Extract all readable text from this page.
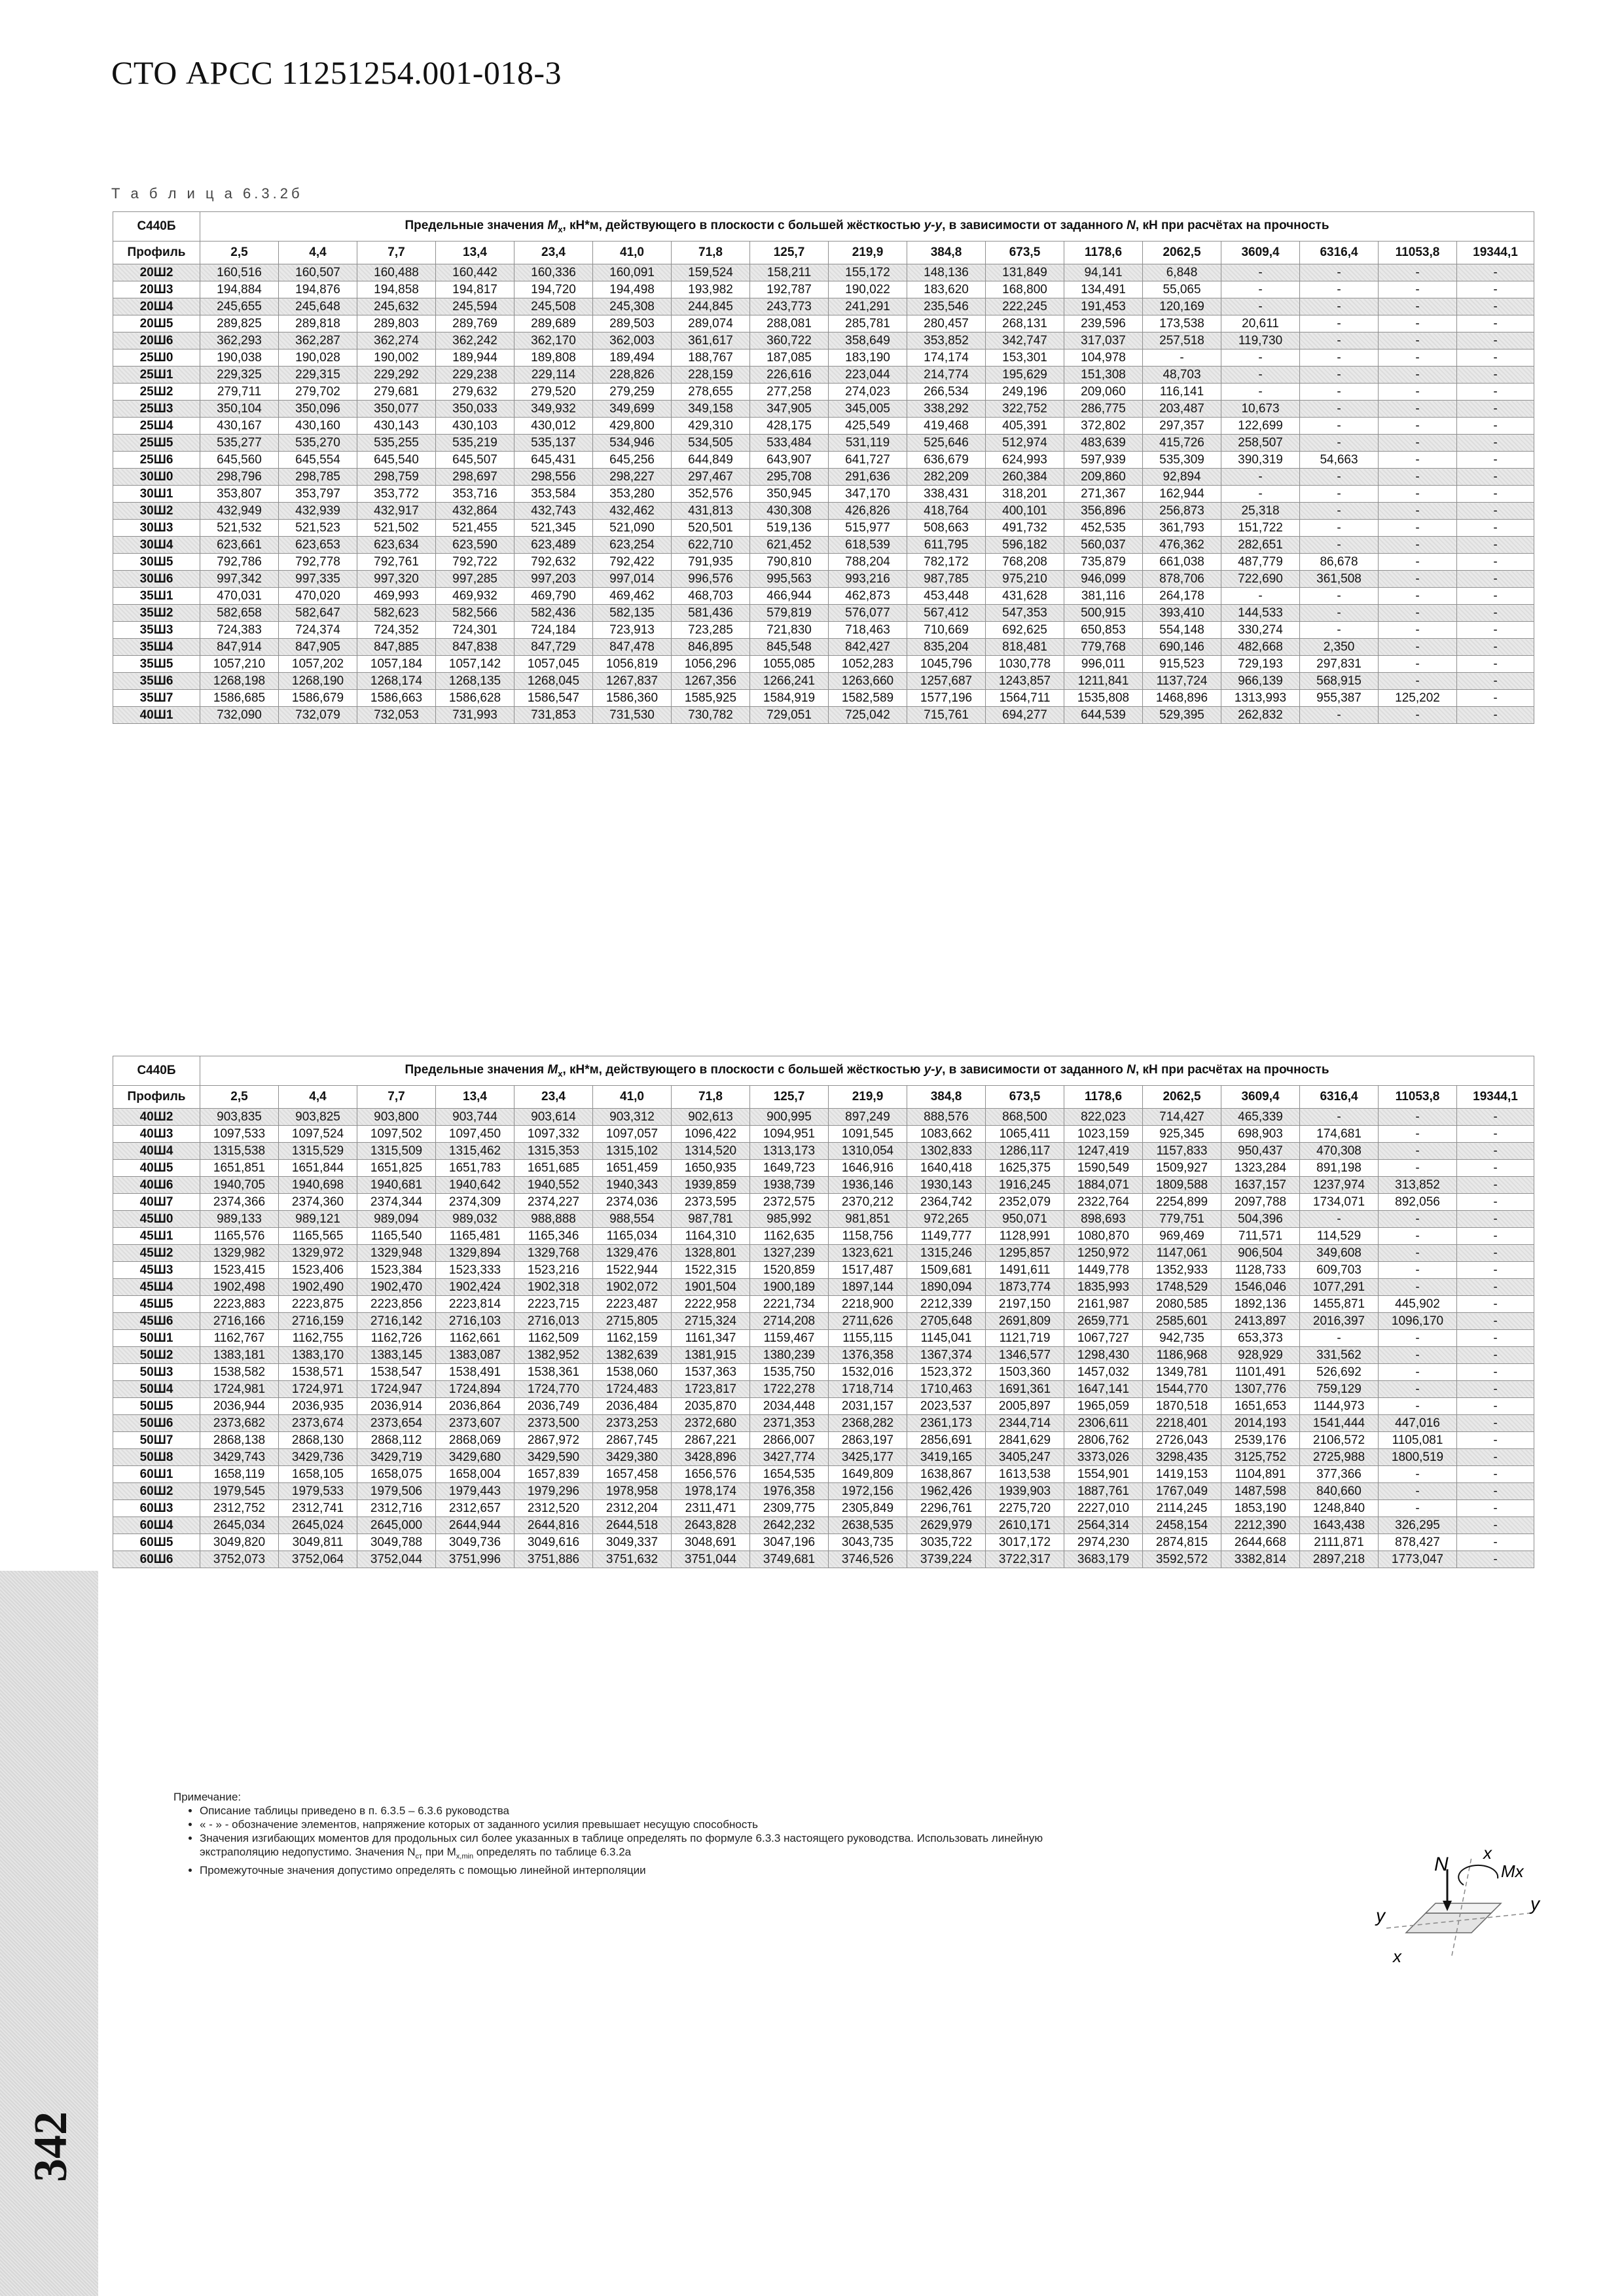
СТО АРСС 11251254.001-018-3
Т а б л и ц а 6.3.2б
С440Б	Предельные значения $M_x$, кН*м, действующего в плоскости с большей жёсткостью y-y, в зависимости от заданного N, кН при расчётах на прочность																
Профиль	2,5	4,4	7,7	13,4	23,4	41,0	71,8	125,7	219,9	384,8	673,5	1178,6	2062,5	3609,4	6316,4	11053,8	19344,1
20Ш2	160,516	160,507	160,488	160,442	160,336	160,091	159,524	158,211	155,172	148,136	131,849	94,141	6,848	-	-	-	-
20Ш3	194,884	194,876	194,858	194,817	194,720	194,498	193,982	192,787	190,022	183,620	168,800	134,491	55,065	-	-	-	-
20Ш4	245,655	245,648	245,632	245,594	245,508	245,308	244,845	243,773	241,291	235,546	222,245	191,453	120,169	-	-	-	-
20Ш5	289,825	289,818	289,803	289,769	289,689	289,503	289,074	288,081	285,781	280,457	268,131	239,596	173,538	20,611	-	-	-
20Ш6	362,293	362,287	362,274	362,242	362,170	362,003	361,617	360,722	358,649	353,852	342,747	317,037	257,518	119,730	-	-	-
25Ш0	190,038	190,028	190,002	189,944	189,808	189,494	188,767	187,085	183,190	174,174	153,301	104,978	-	-	-	-	-
25Ш1	229,325	229,315	229,292	229,238	229,114	228,826	228,159	226,616	223,044	214,774	195,629	151,308	48,703	-	-	-	-
25Ш2	279,711	279,702	279,681	279,632	279,520	279,259	278,655	277,258	274,023	266,534	249,196	209,060	116,141	-	-	-	-
25Ш3	350,104	350,096	350,077	350,033	349,932	349,699	349,158	347,905	345,005	338,292	322,752	286,775	203,487	10,673	-	-	-
25Ш4	430,167	430,160	430,143	430,103	430,012	429,800	429,310	428,175	425,549	419,468	405,391	372,802	297,357	122,699	-	-	-
25Ш5	535,277	535,270	535,255	535,219	535,137	534,946	534,505	533,484	531,119	525,646	512,974	483,639	415,726	258,507	-	-	-
25Ш6	645,560	645,554	645,540	645,507	645,431	645,256	644,849	643,907	641,727	636,679	624,993	597,939	535,309	390,319	54,663	-	-
30Ш0	298,796	298,785	298,759	298,697	298,556	298,227	297,467	295,708	291,636	282,209	260,384	209,860	92,894	-	-	-	-
30Ш1	353,807	353,797	353,772	353,716	353,584	353,280	352,576	350,945	347,170	338,431	318,201	271,367	162,944	-	-	-	-
30Ш2	432,949	432,939	432,917	432,864	432,743	432,462	431,813	430,308	426,826	418,764	400,101	356,896	256,873	25,318	-	-	-
30Ш3	521,532	521,523	521,502	521,455	521,345	521,090	520,501	519,136	515,977	508,663	491,732	452,535	361,793	151,722	-	-	-
30Ш4	623,661	623,653	623,634	623,590	623,489	623,254	622,710	621,452	618,539	611,795	596,182	560,037	476,362	282,651	-	-	-
30Ш5	792,786	792,778	792,761	792,722	792,632	792,422	791,935	790,810	788,204	782,172	768,208	735,879	661,038	487,779	86,678	-	-
30Ш6	997,342	997,335	997,320	997,285	997,203	997,014	996,576	995,563	993,216	987,785	975,210	946,099	878,706	722,690	361,508	-	-
35Ш1	470,031	470,020	469,993	469,932	469,790	469,462	468,703	466,944	462,873	453,448	431,628	381,116	264,178	-	-	-	-
35Ш2	582,658	582,647	582,623	582,566	582,436	582,135	581,436	579,819	576,077	567,412	547,353	500,915	393,410	144,533	-	-	-
35Ш3	724,383	724,374	724,352	724,301	724,184	723,913	723,285	721,830	718,463	710,669	692,625	650,853	554,148	330,274	-	-	-
35Ш4	847,914	847,905	847,885	847,838	847,729	847,478	846,895	845,548	842,427	835,204	818,481	779,768	690,146	482,668	2,350	-	-
35Ш5	1057,210	1057,202	1057,184	1057,142	1057,045	1056,819	1056,296	1055,085	1052,283	1045,796	1030,778	996,011	915,523	729,193	297,831	-	-
35Ш6	1268,198	1268,190	1268,174	1268,135	1268,045	1267,837	1267,356	1266,241	1263,660	1257,687	1243,857	1211,841	1137,724	966,139	568,915	-	-
35Ш7	1586,685	1586,679	1586,663	1586,628	1586,547	1586,360	1585,925	1584,919	1582,589	1577,196	1564,711	1535,808	1468,896	1313,993	955,387	125,202	-
40Ш1	732,090	732,079	732,053	731,993	731,853	731,530	730,782	729,051	725,042	715,761	694,277	644,539	529,395	262,832	-	-	-
С440Б	Предельные значения $M_x$, кН*м, действующего в плоскости с большей жёсткостью y-y, в зависимости от заданного N, кН при расчётах на прочность																
Профиль	2,5	4,4	7,7	13,4	23,4	41,0	71,8	125,7	219,9	384,8	673,5	1178,6	2062,5	3609,4	6316,4	11053,8	19344,1
40Ш2	903,835	903,825	903,800	903,744	903,614	903,312	902,613	900,995	897,249	888,576	868,500	822,023	714,427	465,339	-	-	-
40Ш3	1097,533	1097,524	1097,502	1097,450	1097,332	1097,057	1096,422	1094,951	1091,545	1083,662	1065,411	1023,159	925,345	698,903	174,681	-	-
40Ш4	1315,538	1315,529	1315,509	1315,462	1315,353	1315,102	1314,520	1313,173	1310,054	1302,833	1286,117	1247,419	1157,833	950,437	470,308	-	-
40Ш5	1651,851	1651,844	1651,825	1651,783	1651,685	1651,459	1650,935	1649,723	1646,916	1640,418	1625,375	1590,549	1509,927	1323,284	891,198	-	-
40Ш6	1940,705	1940,698	1940,681	1940,642	1940,552	1940,343	1939,859	1938,739	1936,146	1930,143	1916,245	1884,071	1809,588	1637,157	1237,974	313,852	-
40Ш7	2374,366	2374,360	2374,344	2374,309	2374,227	2374,036	2373,595	2372,575	2370,212	2364,742	2352,079	2322,764	2254,899	2097,788	1734,071	892,056	-
45Ш0	989,133	989,121	989,094	989,032	988,888	988,554	987,781	985,992	981,851	972,265	950,071	898,693	779,751	504,396	-	-	-
45Ш1	1165,576	1165,565	1165,540	1165,481	1165,346	1165,034	1164,310	1162,635	1158,756	1149,777	1128,991	1080,870	969,469	711,571	114,529	-	-
45Ш2	1329,982	1329,972	1329,948	1329,894	1329,768	1329,476	1328,801	1327,239	1323,621	1315,246	1295,857	1250,972	1147,061	906,504	349,608	-	-
45Ш3	1523,415	1523,406	1523,384	1523,333	1523,216	1522,944	1522,315	1520,859	1517,487	1509,681	1491,611	1449,778	1352,933	1128,733	609,703	-	-
45Ш4	1902,498	1902,490	1902,470	1902,424	1902,318	1902,072	1901,504	1900,189	1897,144	1890,094	1873,774	1835,993	1748,529	1546,046	1077,291	-	-
45Ш5	2223,883	2223,875	2223,856	2223,814	2223,715	2223,487	2222,958	2221,734	2218,900	2212,339	2197,150	2161,987	2080,585	1892,136	1455,871	445,902	-
45Ш6	2716,166	2716,159	2716,142	2716,103	2716,013	2715,805	2715,324	2714,208	2711,626	2705,648	2691,809	2659,771	2585,601	2413,897	2016,397	1096,170	-
50Ш1	1162,767	1162,755	1162,726	1162,661	1162,509	1162,159	1161,347	1159,467	1155,115	1145,041	1121,719	1067,727	942,735	653,373	-	-	-
50Ш2	1383,181	1383,170	1383,145	1383,087	1382,952	1382,639	1381,915	1380,239	1376,358	1367,374	1346,577	1298,430	1186,968	928,929	331,562	-	-
50Ш3	1538,582	1538,571	1538,547	1538,491	1538,361	1538,060	1537,363	1535,750	1532,016	1523,372	1503,360	1457,032	1349,781	1101,491	526,692	-	-
50Ш4	1724,981	1724,971	1724,947	1724,894	1724,770	1724,483	1723,817	1722,278	1718,714	1710,463	1691,361	1647,141	1544,770	1307,776	759,129	-	-
50Ш5	2036,944	2036,935	2036,914	2036,864	2036,749	2036,484	2035,870	2034,448	2031,157	2023,537	2005,897	1965,059	1870,518	1651,653	1144,973	-	-
50Ш6	2373,682	2373,674	2373,654	2373,607	2373,500	2373,253	2372,680	2371,353	2368,282	2361,173	2344,714	2306,611	2218,401	2014,193	1541,444	447,016	-
50Ш7	2868,138	2868,130	2868,112	2868,069	2867,972	2867,745	2867,221	2866,007	2863,197	2856,691	2841,629	2806,762	2726,043	2539,176	2106,572	1105,081	-
50Ш8	3429,743	3429,736	3429,719	3429,680	3429,590	3429,380	3428,896	3427,774	3425,177	3419,165	3405,247	3373,026	3298,435	3125,752	2725,988	1800,519	-
60Ш1	1658,119	1658,105	1658,075	1658,004	1657,839	1657,458	1656,576	1654,535	1649,809	1638,867	1613,538	1554,901	1419,153	1104,891	377,366	-	-
60Ш2	1979,545	1979,533	1979,506	1979,443	1979,296	1978,958	1978,174	1976,358	1972,156	1962,426	1939,903	1887,761	1767,049	1487,598	840,660	-	-
60Ш3	2312,752	2312,741	2312,716	2312,657	2312,520	2312,204	2311,471	2309,775	2305,849	2296,761	2275,720	2227,010	2114,245	1853,190	1248,840	-	-
60Ш4	2645,034	2645,024	2645,000	2644,944	2644,816	2644,518	2643,828	2642,232	2638,535	2629,979	2610,171	2564,314	2458,154	2212,390	1643,438	326,295	-
60Ш5	3049,820	3049,811	3049,788	3049,736	3049,616	3049,337	3048,691	3047,196	3043,735	3035,722	3017,172	2974,230	2874,815	2644,668	2111,871	878,427	-
60Ш6	3752,073	3752,064	3752,044	3751,996	3751,886	3751,632	3751,044	3749,681	3746,526	3739,224	3722,317	3683,179	3592,572	3382,814	2897,218	1773,047	-
Примечание:
• Описание таблицы приведено в п. 6.3.5 – 6.3.6 руководства
• « - » - обозначение элементов, напряжение которых от заданного усилия превышает несущую способность
• Значения изгибающих моментов для продольных сил более указанных в таблице определять по формуле 6.3.3 настоящего руководства. Использовать линейную
экстраполяцию недопустимо. Значения $N_{ст}$ при $M_{x,min}$ определять по таблице 6.3.2а
• Промежуточные значения допустимо определять с помощью линейной интерполяции	N
x
Mx
y
y
x
342
